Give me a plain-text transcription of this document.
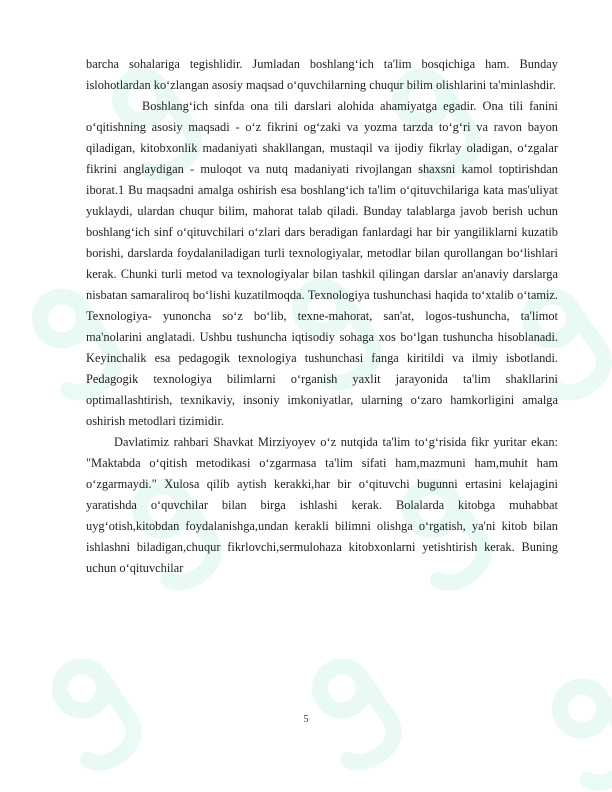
barcha sohalariga tegishlidir. Jumladan boshlang‘ich ta'lim bosqichiga ham. Bunday islohotlardan ko‘zlangan asosiy maqsad o‘quvchilarning chuqur bilim olishlarini ta'minlashdir.

Boshlang‘ich sinfda ona tili darslari alohida ahamiyatga egadir. Ona tili fanini o‘qitishning asosiy maqsadi - o‘z fikrini og‘zaki va yozma tarzda to‘g‘ri va ravon bayon qiladigan, kitobxonlik madaniyati shakllangan, mustaqil va ijodiy fikrlay oladigan, o‘zgalar fikrini anglaydigan - muloqot va nutq madaniyati rivojlangan shaxsni kamol toptirishdan iborat.1 Bu maqsadni amalga oshirish esa boshlang‘ich ta'lim o‘qituvchilariga kata mas'uliyat yuklaydi, ulardan chuqur bilim, mahorat talab qiladi. Bunday talablarga javob berish uchun boshlang‘ich sinf o‘qituvchilari o‘zlari dars beradigan fanlardagi har bir yangiliklarni kuzatib borishi, darslarda foydalaniladigan turli texnologiyalar, metodlar bilan qurollangan bo‘lishlari kerak. Chunki turli metod va texnologiyalar bilan tashkil qilingan darslar an'anaviy darslarga nisbatan samaraliroq bo‘lishi kuzatilmoqda. Texnologiya tushunchasi haqida to‘xtalib o‘tamiz. Texnologiya- yunoncha so‘z bo‘lib, texne-mahorat, san'at, logos-tushuncha, ta'limot ma'nolarini anglatadi. Ushbu tushuncha iqtisodiy sohaga xos bo‘lgan tushuncha hisoblanadi. Keyinchalik esa pedagogik texnologiya tushunchasi fanga kiritildi va ilmiy isbotlandi. Pedagogik texnologiya bilimlarni o‘rganish yaxlit jarayonida ta'lim shakllarini optimallashtirish, texnikaviy, insoniy imkoniyatlar, ularning o‘zaro hamkorligini amalga oshirish metodlari tizimidir.

Davlatimiz rahbari Shavkat Mirziyoyev o‘z nutqida ta'lim to‘g‘risida fikr yuritar ekan: "Maktabda o‘qitish metodikasi o‘zgarmasa ta'lim sifati ham,mazmuni ham,muhit ham o‘zgarmaydi." Xulosa qilib aytish kerakki,har bir o‘qituvchi bugunni ertasini kelajagini yaratishda o‘quvchilar bilan birga ishlashi kerak. Bolalarda kitobga muhabbat uyg‘otish,kitobdan foydalanishga,undan kerakli bilimni olishga o‘rgatish, ya'ni kitob bilan ishlashni biladigan,chuqur fikrlovchi,sermulohaza kitobxonlarni yetishtirish kerak. Buning uchun o‘qituvchilar

5
